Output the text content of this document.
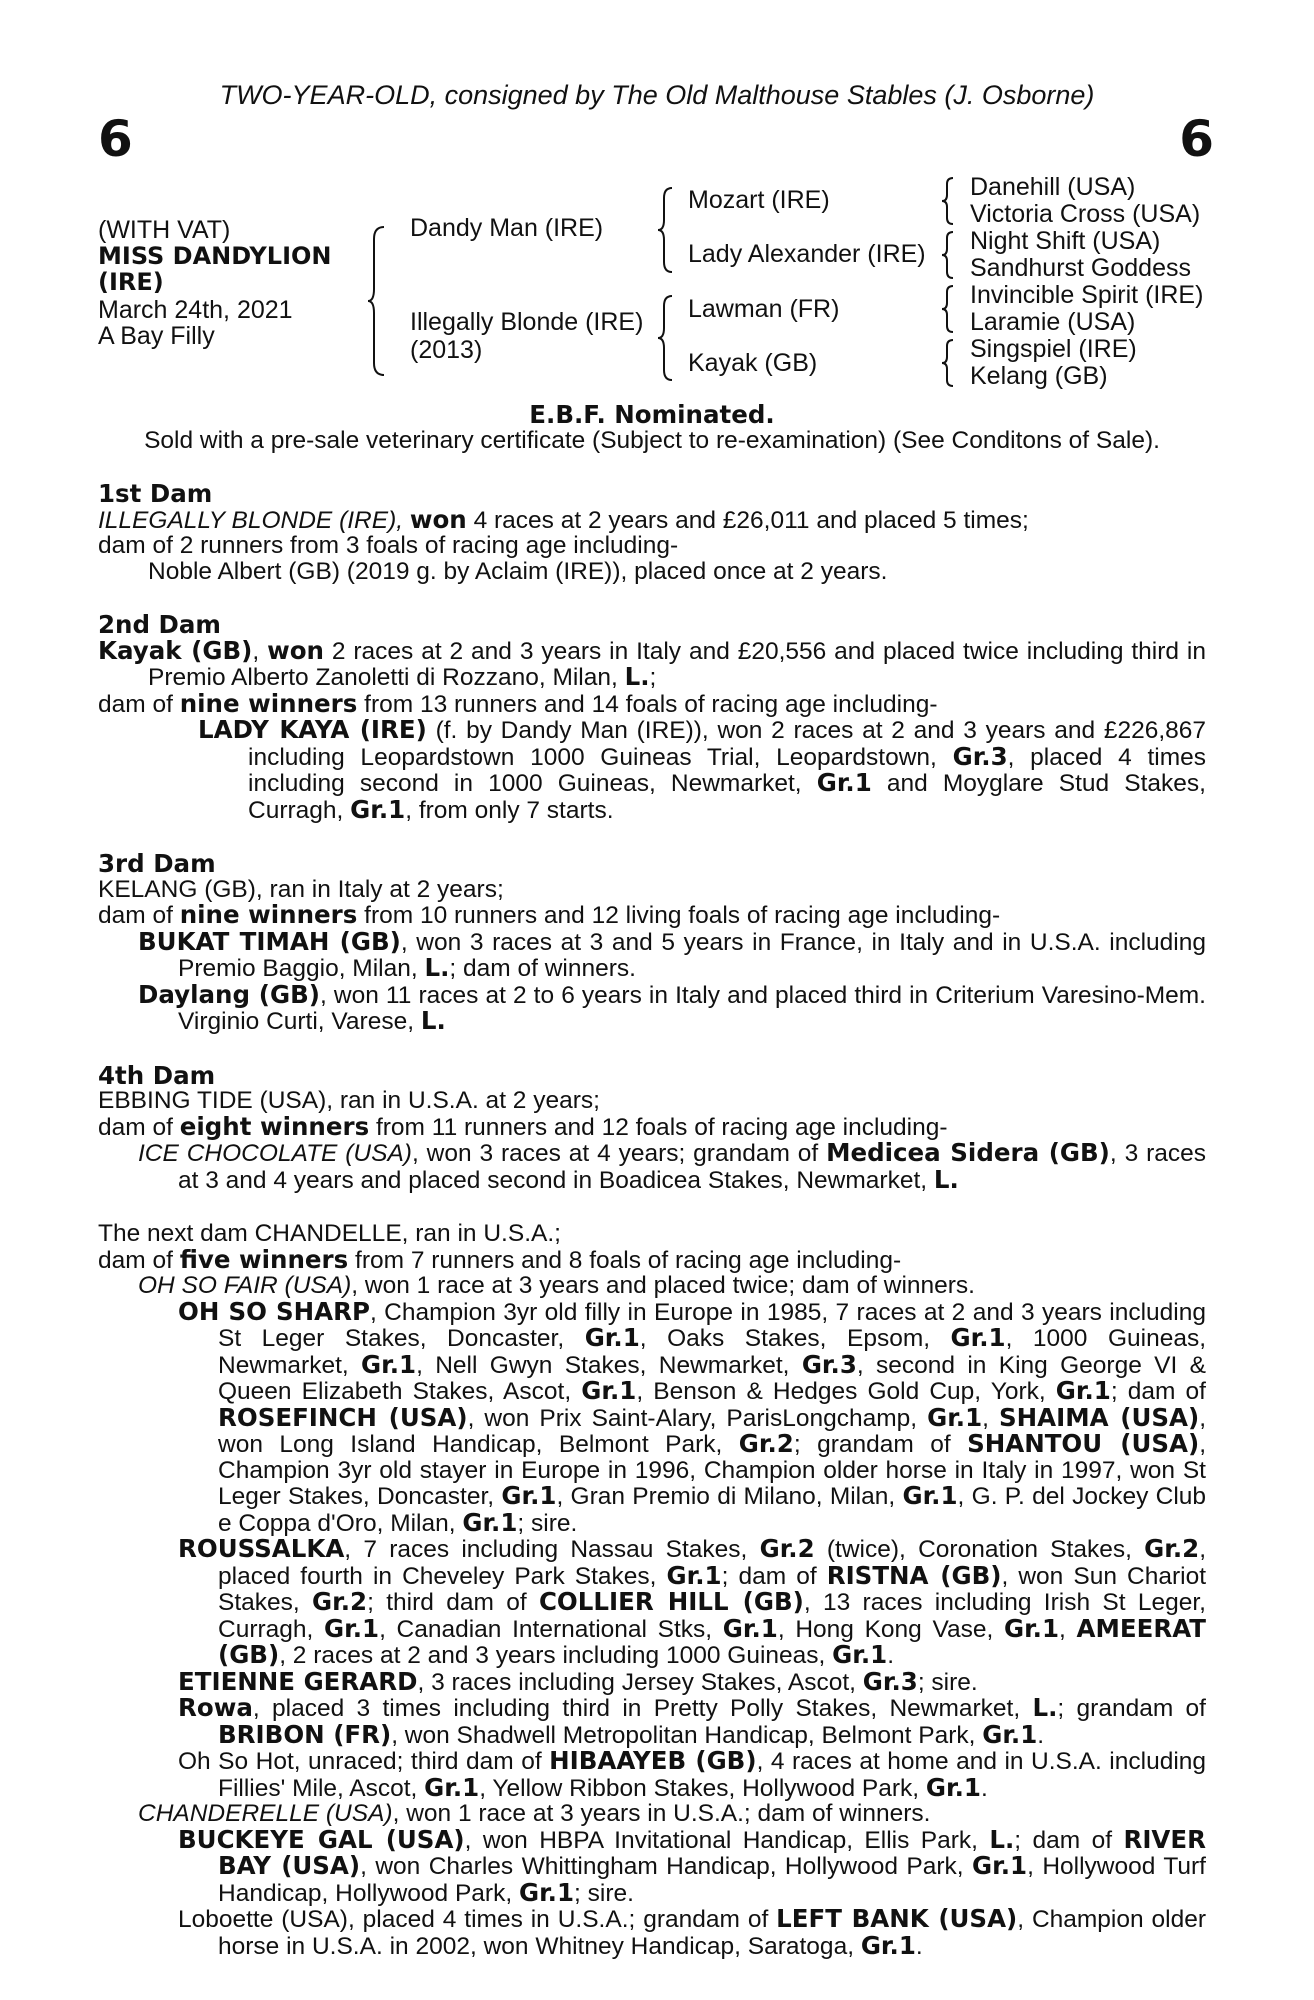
TWO-YEAR-OLD, consigned by The Old Malthouse Stables (J. Osborne)
6	6
(WITH VAT)
MISS DANDYLION
(IRE)
March 24th, 2021
A Bay Filly
Dandy Man (IRE)
Illegally Blonde (IRE)
(2013)
Mozart (IRE)
Lady Alexander (IRE)
Lawman (FR)
Kayak (GB)
Danehill (USA)
Victoria Cross (USA)
Night Shift (USA)
Sandhurst Goddess
Invincible Spirit (IRE)
Laramie (USA)
Singspiel (IRE)
Kelang (GB)
E.B.F. Nominated.
Sold with a pre-sale veterinary certificate (Subject to re-examination) (See Conditons of Sale).
1st Dam

ILLEGALLY BLONDE (IRE), won 4 races at 2 years and £26,011 and placed 5 times;

dam of 2 runners from 3 foals of racing age including-

Noble Albert (GB) (2019 g. by Aclaim (IRE)), placed once at 2 years.

2nd Dam

Kayak (GB), won 2 races at 2 and 3 years in Italy and £20,556 and placed twice including third in Premio Alberto Zanoletti di Rozzano, Milan, L.;

dam of nine winners from 13 runners and 14 foals of racing age including-

LADY KAYA (IRE) (f. by Dandy Man (IRE)), won 2 races at 2 and 3 years and £226,867 including Leopardstown 1000 Guineas Trial, Leopardstown, Gr.3, placed 4 times including second in 1000 Guineas, Newmarket, Gr.1 and Moyglare Stud Stakes, Curragh, Gr.1, from only 7 starts.

3rd Dam

KELANG (GB), ran in Italy at 2 years;

dam of nine winners from 10 runners and 12 living foals of racing age including-

BUKAT TIMAH (GB), won 3 races at 3 and 5 years in France, in Italy and in U.S.A. including Premio Baggio, Milan, L.; dam of winners.

Daylang (GB), won 11 races at 2 to 6 years in Italy and placed third in Criterium Varesino-Mem. Virginio Curti, Varese, L.

4th Dam

EBBING TIDE (USA), ran in U.S.A. at 2 years;

dam of eight winners from 11 runners and 12 foals of racing age including-

ICE CHOCOLATE (USA), won 3 races at 4 years; grandam of Medicea Sidera (GB), 3 races at 3 and 4 years and placed second in Boadicea Stakes, Newmarket, L.

The next dam CHANDELLE, ran in U.S.A.;

dam of five winners from 7 runners and 8 foals of racing age including-

OH SO FAIR (USA), won 1 race at 3 years and placed twice; dam of winners.

OH SO SHARP, Champion 3yr old filly in Europe in 1985, 7 races at 2 and 3 years including St Leger Stakes, Doncaster, Gr.1, Oaks Stakes, Epsom, Gr.1, 1000 Guineas, Newmarket, Gr.1, Nell Gwyn Stakes, Newmarket, Gr.3, second in King George VI & Queen Elizabeth Stakes, Ascot, Gr.1, Benson & Hedges Gold Cup, York, Gr.1; dam of ROSEFINCH (USA), won Prix Saint-Alary, ParisLongchamp, Gr.1, SHAIMA (USA), won Long Island Handicap, Belmont Park, Gr.2; grandam of SHANTOU (USA), Champion 3yr old stayer in Europe in 1996, Champion older horse in Italy in 1997, won St Leger Stakes, Doncaster, Gr.1, Gran Premio di Milano, Milan, Gr.1, G. P. del Jockey Club e Coppa d'Oro, Milan, Gr.1; sire.

ROUSSALKA, 7 races including Nassau Stakes, Gr.2 (twice), Coronation Stakes, Gr.2, placed fourth in Cheveley Park Stakes, Gr.1; dam of RISTNA (GB), won Sun Chariot Stakes, Gr.2; third dam of COLLIER HILL (GB), 13 races including Irish St Leger, Curragh, Gr.1, Canadian International Stks, Gr.1, Hong Kong Vase, Gr.1, AMEERAT (GB), 2 races at 2 and 3 years including 1000 Guineas, Gr.1.

ETIENNE GERARD, 3 races including Jersey Stakes, Ascot, Gr.3; sire.

Rowa, placed 3 times including third in Pretty Polly Stakes, Newmarket, L.; grandam of BRIBON (FR), won Shadwell Metropolitan Handicap, Belmont Park, Gr.1.

Oh So Hot, unraced; third dam of HIBAAYEB (GB), 4 races at home and in U.S.A. including Fillies' Mile, Ascot, Gr.1, Yellow Ribbon Stakes, Hollywood Park, Gr.1.

CHANDERELLE (USA), won 1 race at 3 years in U.S.A.; dam of winners.

BUCKEYE GAL (USA), won HBPA Invitational Handicap, Ellis Park, L.; dam of RIVER BAY (USA), won Charles Whittingham Handicap, Hollywood Park, Gr.1, Hollywood Turf Handicap, Hollywood Park, Gr.1; sire.

Loboette (USA), placed 4 times in U.S.A.; grandam of LEFT BANK (USA), Champion older horse in U.S.A. in 2002, won Whitney Handicap, Saratoga, Gr.1.
